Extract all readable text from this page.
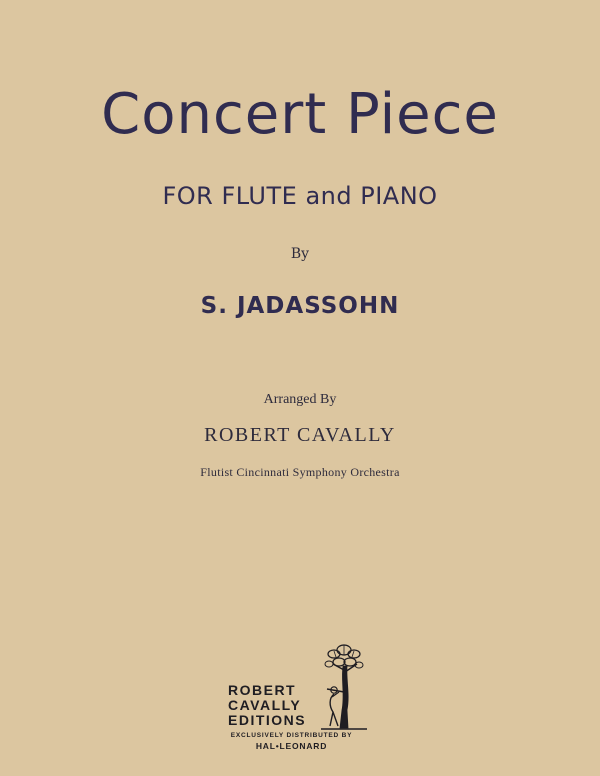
Concert Piece
FOR FLUTE and PIANO
By
S. JADASSOHN
Arranged By
ROBERT CAVALLY
Flutist Cincinnati Symphony Orchestra
ROBERT
CAVALLY
EDITIONS
EXCLUSIVELY DISTRIBUTED BY
HAL•LEONARD
